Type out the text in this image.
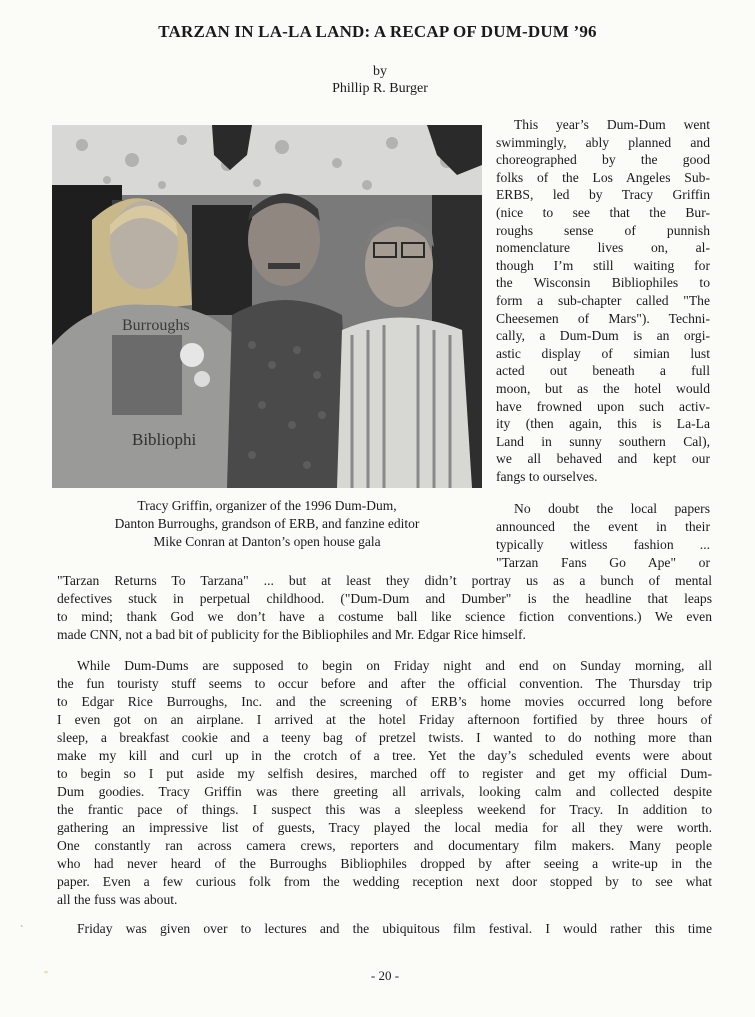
TARZAN IN LA-LA LAND: A RECAP OF DUM-DUM ’96
by
Phillip R. Burger
Burroughs
Bibliophi
Tracy Griffin, organizer of the 1996 Dum-Dum,
Danton Burroughs, grandson of ERB, and fanzine editor
Mike Conran at Danton’s open house gala
This year’s Dum-Dum went
swimmingly, ably planned and
choreographed by the good
folks of the Los Angeles Sub-
ERBS, led by Tracy Griffin
(nice to see that the Bur-
roughs sense of punnish
nomenclature lives on, al-
though I’m still waiting for
the Wisconsin Bibliophiles to
form a sub-chapter called "The
Cheesemen of Mars"). Techni-
cally, a Dum-Dum is an orgi-
astic display of simian lust
acted out beneath a full
moon, but as the hotel would
have frowned upon such activ-
ity (then again, this is La-La
Land in sunny southern Cal),
we all behaved and kept our
fangs to ourselves.
No doubt the local papers
announced the event in their
typically witless fashion ...
"Tarzan Fans Go Ape" or
"Tarzan Returns To Tarzana" ... but at least they didn’t portray us as a bunch of mental
defectives stuck in perpetual childhood. ("Dum-Dum and Dumber" is the headline that leaps
to mind; thank God we don’t have a costume ball like science fiction conventions.) We even
made CNN, not a bad bit of publicity for the Bibliophiles and Mr. Edgar Rice himself.
While Dum-Dums are supposed to begin on Friday night and end on Sunday morning, all
the fun touristy stuff seems to occur before and after the official convention. The Thursday trip
to Edgar Rice Burroughs, Inc. and the screening of ERB’s home movies occurred long before
I even got on an airplane. I arrived at the hotel Friday afternoon fortified by three hours of
sleep, a breakfast cookie and a teeny bag of pretzel twists. I wanted to do nothing more than
make my kill and curl up in the crotch of a tree. Yet the day’s scheduled events were about
to begin so I put aside my selfish desires, marched off to register and get my official Dum-
Dum goodies. Tracy Griffin was there greeting all arrivals, looking calm and collected despite
the frantic pace of things. I suspect this was a sleepless weekend for Tracy. In addition to
gathering an impressive list of guests, Tracy played the local media for all they were worth.
One constantly ran across camera crews, reporters and documentary film makers. Many people
who had never heard of the Burroughs Bibliophiles dropped by after seeing a write-up in the
paper. Even a few curious folk from the wedding reception next door stopped by to see what
all the fuss was about.
Friday was given over to lectures and the ubiquitous film festival. I would rather this time
`
"	- 20 -
